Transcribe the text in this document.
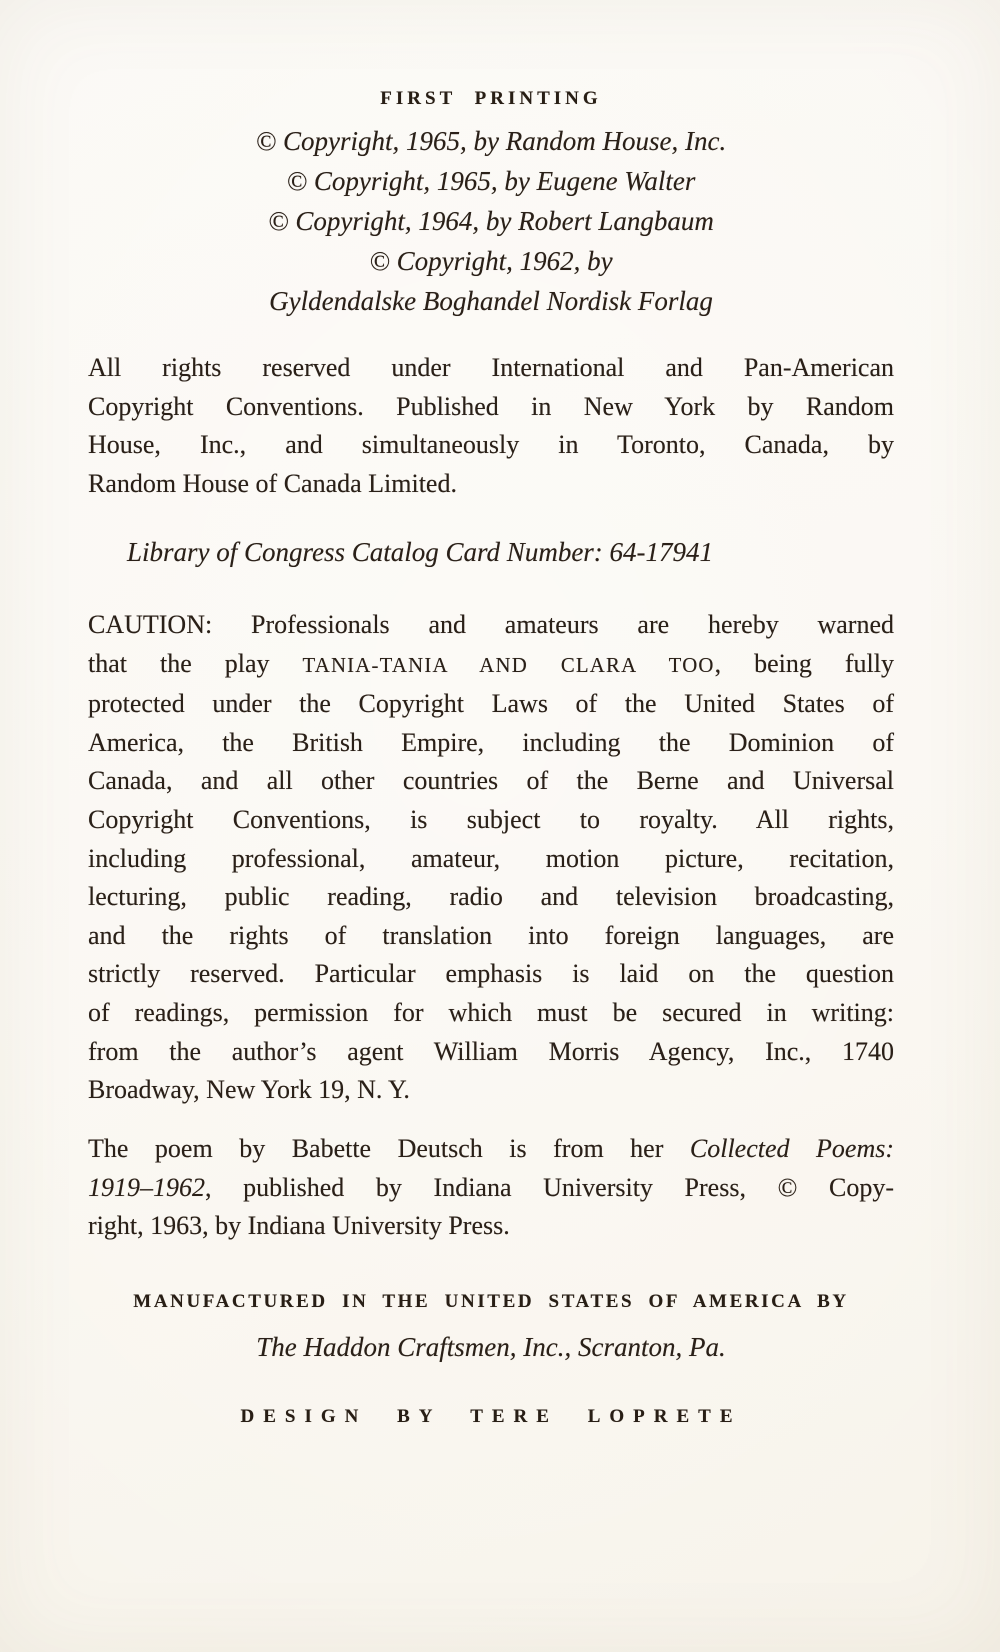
FIRST PRINTING
© Copyright, 1965, by Random House, Inc.
© Copyright, 1965, by Eugene Walter
© Copyright, 1964, by Robert Langbaum
© Copyright, 1962, by
Gyldendalske Boghandel Nordisk Forlag
All rights reserved under International and Pan-American
Copyright Conventions. Published in New York by Random
House, Inc., and simultaneously in Toronto, Canada, by
Random House of Canada Limited.
Library of Congress Catalog Card Number: 64-17941
CAUTION: Professionals and amateurs are hereby warned
that the play TANIA-TANIA AND CLARA TOO, being fully
protected under the Copyright Laws of the United States of
America, the British Empire, including the Dominion of
Canada, and all other countries of the Berne and Universal
Copyright Conventions, is subject to royalty. All rights,
including professional, amateur, motion picture, recitation,
lecturing, public reading, radio and television broadcasting,
and the rights of translation into foreign languages, are
strictly reserved. Particular emphasis is laid on the question
of readings, permission for which must be secured in writing:
from the author’s agent William Morris Agency, Inc., 1740
Broadway, New York 19, N. Y.
The poem by Babette Deutsch is from her Collected Poems:
1919–1962, published by Indiana University Press, © Copy-
right, 1963, by Indiana University Press.
MANUFACTURED IN THE UNITED STATES OF AMERICA BY
The Haddon Craftsmen, Inc., Scranton, Pa.
DESIGN BY TERE LOPRETE
